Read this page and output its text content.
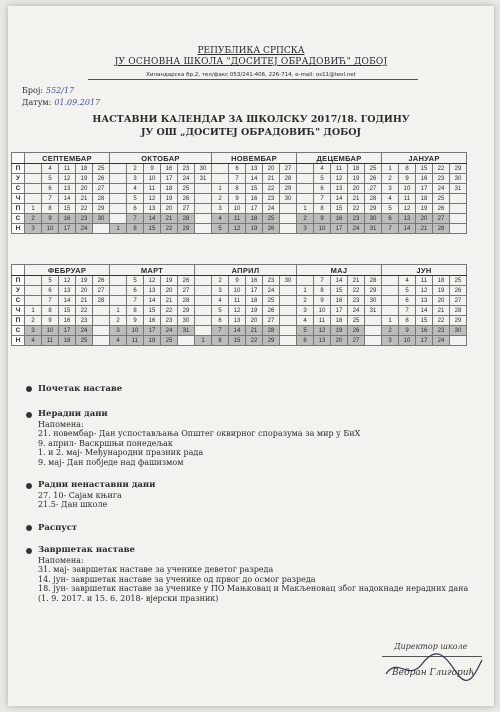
РЕПУБЛИКА СРПСКА
ЈУ ОСНОВНА ШКОЛА "ДОСИТЕЈ ОБРАДОВИЋ" ДОБОЈ
Хиландарска бр.2, тел/факс 053/241-406, 226-714, e-mail: os11@teol.net
Број: 552/17
Датум: 01.09.2017
НАСТАВНИ КАЛЕНДАР ЗА ШКОЛСКУ 2017/18. ГОДИНУ
ЈУ ОШ „ДОСИТЕЈ ОБРАДОВИЋ" ДОБОЈ
	СЕПТЕМБАР					ОКТОБАР						НОВЕМБАР					ДЕЦЕМБАР					ЈАНУАР				
П		4	11	18	25		2	9	16	23	30		6	13	20	27		4	11	18	25	1	8	15	22	29
У		5	12	19	26		3	10	17	24	31		7	14	21	28		5	12	19	26	2	9	16	23	30
С		6	13	20	27		4	11	18	25		1	8	15	22	29		6	13	20	27	3	10	17	24	31
Ч		7	14	21	28		5	12	19	26		2	9	16	23	30		7	14	21	28	4	11	18	25	
П	1	8	15	22	29		6	13	20	27		3	10	17	24		1	8	15	22	29	5	12	19	26	
С	2	9	16	23	30		7	14	21	28		4	11	18	25		2	9	16	23	30	6	13	20	27	
Н	3	10	17	24		1	8	15	22	29		5	12	19	26		3	10	17	24	31	7	14	21	28	
	ФЕБРУАР					МАРТ					АПРИЛ						МАЈ					ЈУН				
П		5	12	19	26		5	12	19	26		2	9	16	23	30		7	14	21	28		4	11	18	25
У		6	13	20	27		6	13	20	27		3	10	17	24		1	8	15	22	29		5	12	19	26
С		7	14	21	28		7	14	21	28		4	11	18	25		2	9	16	23	30		6	13	20	27
Ч	1	8	15	22		1	8	15	22	29		5	12	19	26		3	10	17	24	31		7	14	21	28
П	2	9	16	23		2	9	16	23	30		6	13	20	27		4	11	18	25		1	8	15	22	29
С	3	10	17	24		3	10	17	24	31		7	14	21	28		5	12	19	26		2	9	16	23	30
Н	4	11	18	25		4	11	18	25		1	8	15	22	29		6	13	20	27		3	10	17	24	
Почетак наставе
Нерадни дани
Напомена:
21. новембар- Дан успостављања Општег оквирног споразума за мир у БиХ
9. април- Васкршњи понедељак
1. и 2. мај- Међународни празник рада
9. мај- Дан побједе над фашизмом
Радни ненаставни дани
27. 10- Сајам књига
21.5- Дан школе
Распуст
Завршетак наставе
Напомена:
31. мај- завршетак наставе за ученике деветог разреда
14. јун- завршетак наставе за ученике од првог до осмог разреда
18. јун- завршетак наставе за ученике у ПО Мањковац и Макљеновац због надокнаде нерадних дана (1. 9. 2017. и 15. 6. 2018- вјерски празник)
Директор школе
Ведран Глигорић
